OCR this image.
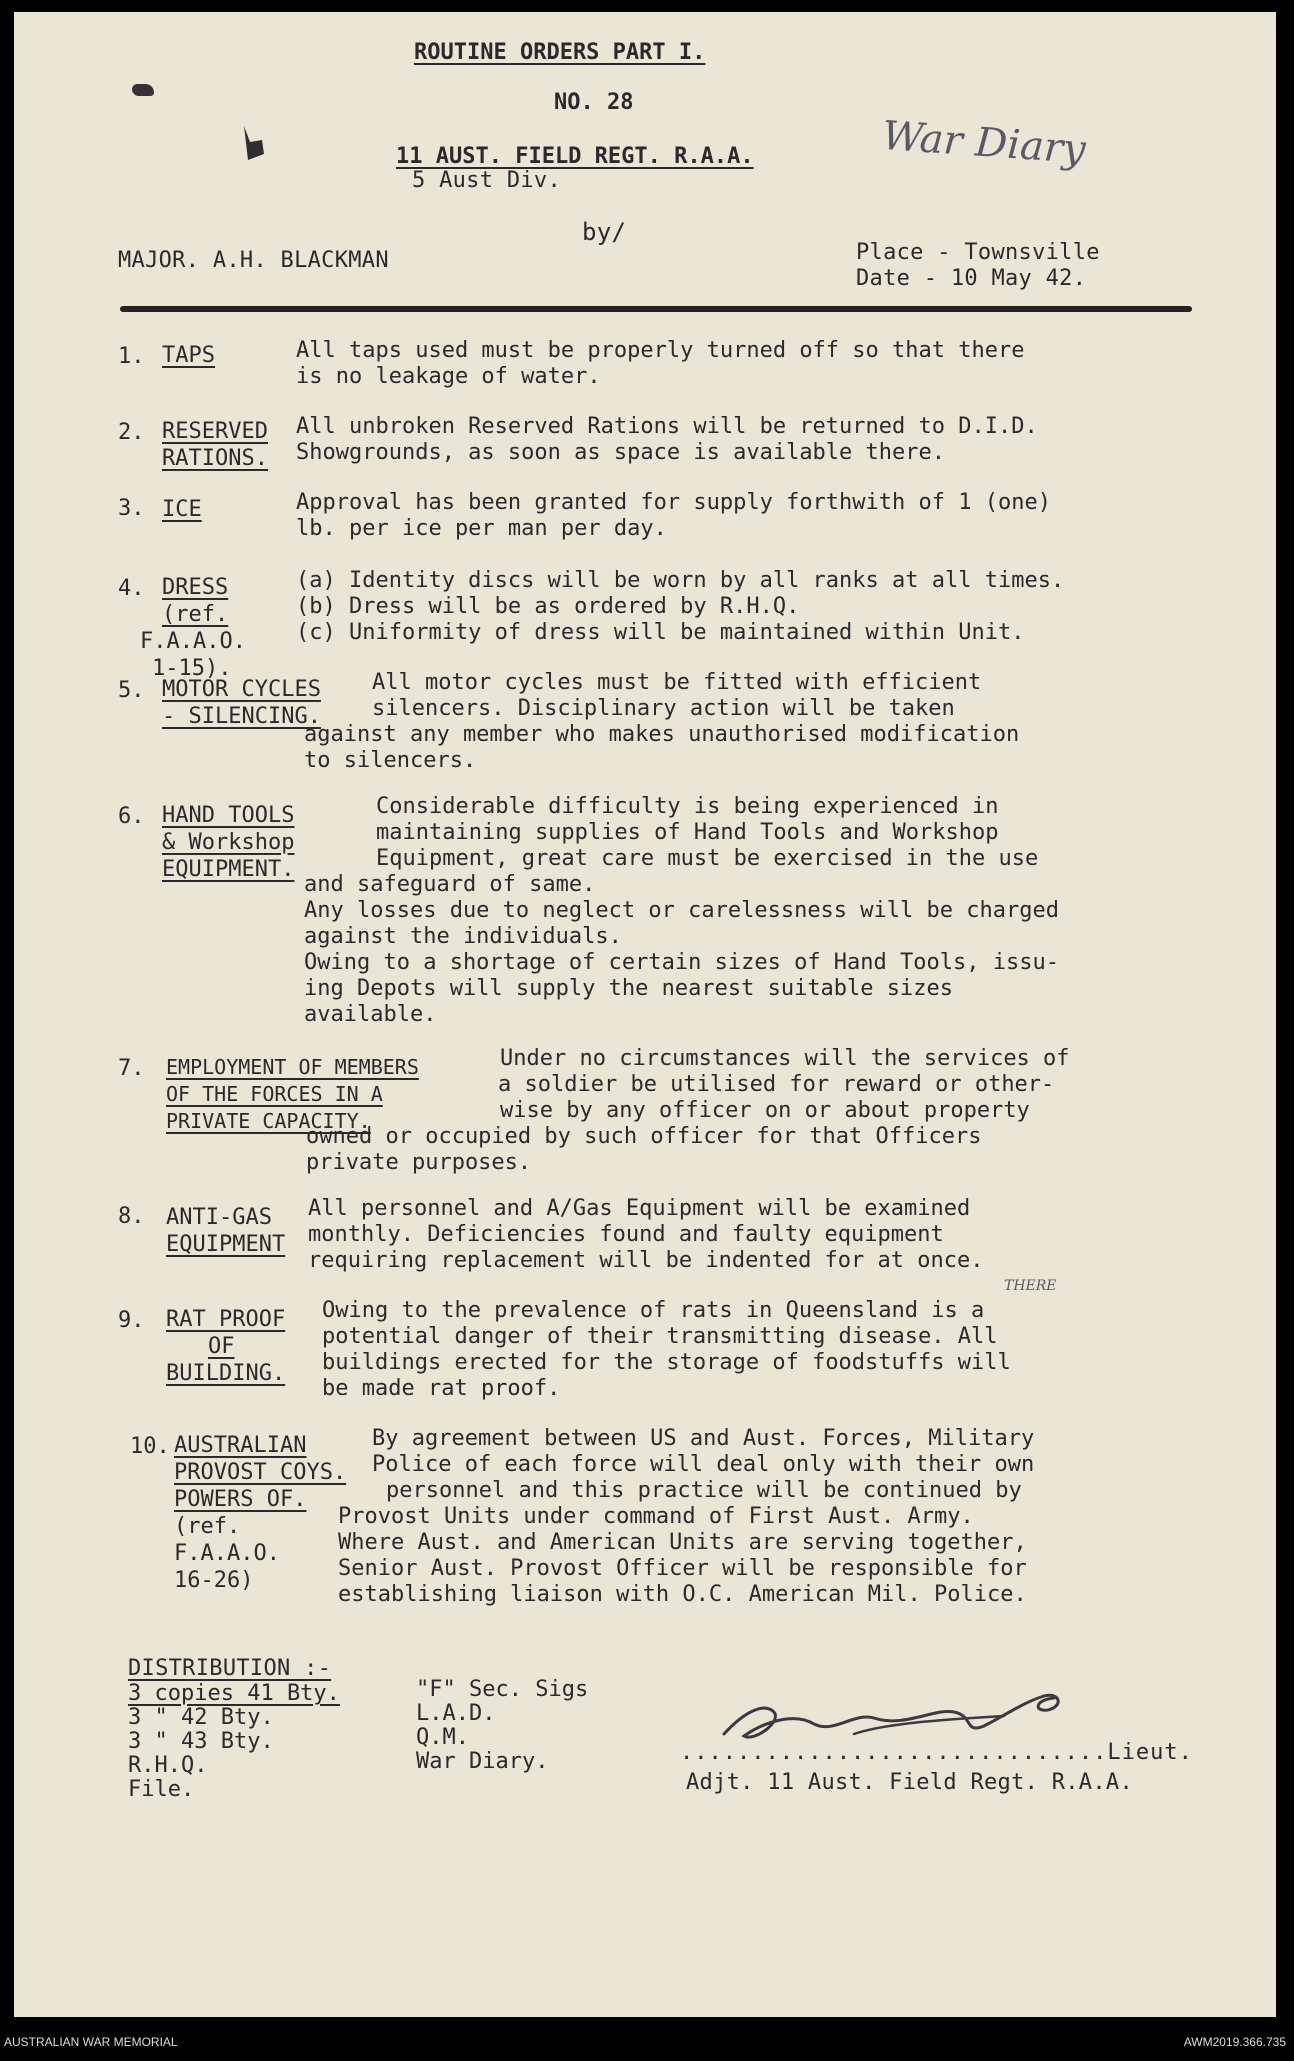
ROUTINE ORDERS PART I.
NO. 28
11 AUST. FIELD REGT. R.A.A.
5 Aust Div.
War Diary
by/
MAJOR. A.H. BLACKMAN	Place - Townsville
Date - 10 May 42.
1. TAPS	All taps used must be properly turned off so that there
is no leakage of water.
2. RESERVED
RATIONS.
All unbroken Reserved Rations will be returned to D.I.D.
Showgrounds, as soon as space is available there.
3. ICE	Approval has been granted for supply forthwith of 1 (one)
lb. per ice per man per day.
4. DRESS
(ref.
F.A.A.O.
1-15).
(a) Identity discs will be worn by all ranks at all times.
(b) Dress will be as ordered by R.H.Q.
(c) Uniformity of dress will be maintained within Unit.
5. MOTOR CYCLES
- SILENCING.
All motor cycles must be fitted with efficient
silencers. Disciplinary action will be taken
against any member who makes unauthorised modification
to silencers.
6. HAND TOOLS
& Workshop
EQUIPMENT.
Considerable difficulty is being experienced in
maintaining supplies of Hand Tools and Workshop
Equipment, great care must be exercised in the use
and safeguard of same.
Any losses due to neglect or carelessness will be charged
against the individuals.
Owing to a shortage of certain sizes of Hand Tools, issu-
ing Depots will supply the nearest suitable sizes
available.
7. EMPLOYMENT OF MEMBERS
OF THE FORCES IN A
PRIVATE CAPACITY.
Under no circumstances will the services of
a soldier be utilised for reward or other-
wise by any officer on or about property
owned or occupied by such officer for that Officers
private purposes.
8. ANTI-GAS
EQUIPMENT
All personnel and A/Gas Equipment will be examined
monthly. Deficiencies found and faulty equipment
requiring replacement will be indented for at once.
9. RAT PROOF
OF
BUILDING.
THERE
Owing to the prevalence of rats in Queensland is a
potential danger of their transmitting disease. All
buildings erected for the storage of foodstuffs will
be made rat proof.
10. AUSTRALIAN
PROVOST COYS.
POWERS OF.
(ref.
F.A.A.O.
16-26)
By agreement between US and Aust. Forces, Military
Police of each force will deal only with their own
personnel and this practice will be continued by
Provost Units under command of First Aust. Army.
Where Aust. and American Units are serving together,
Senior Aust. Provost Officer will be responsible for
establishing liaison with O.C. American Mil. Police.
DISTRIBUTION :-
3 copies 41 Bty.
3 " 42 Bty.
3 " 43 Bty.
R.H.Q.
File.
"F" Sec. Sigs
L.A.D.
Q.M.
War Diary.	..............................Lieut.
Adjt. 11 Aust. Field Regt. R.A.A.
AUSTRALIAN WAR MEMORIAL	AWM2019.366.735
